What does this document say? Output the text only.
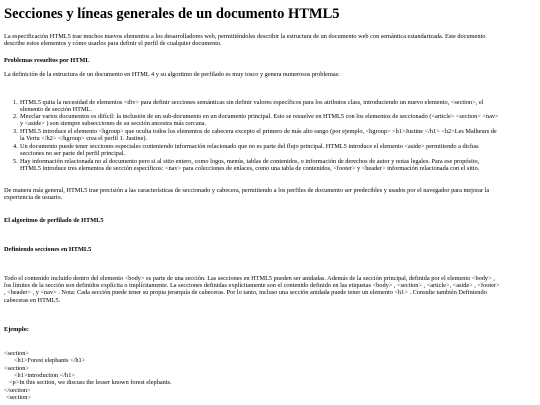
Secciones y líneas generales de un documento HTML5
La especificación HTML5 trae muchos nuevos elementos a los desarrolladores web, permitiéndoles describir la estructura de un documento web con semántica estandarizada. Este documento
describe estos elementos y cómo usarlos para definir el perfil de cualquier documento.
Problemas resueltos por HTML
La definición de la estructura de un documento en HTML 4 y su algoritmo de perfilado es muy tosco y genera numerosos problemas:
1. HTML5 quita la necesidad de elementos <div> para definir secciones semánticas sin definir valores específicos para los atributos class, introduciendo un nuevo elemento, <section>, el
elemento de sección HTML.
2. Mezclar varios documentos es difícil: la inclusión de un sub-documento en un documento principal. Esto se resuelve en HTML5 con los elementos de seccionado (<article> <section> <nav>
y <aside> ) son siempre subsecciones de su sección ancestra más cercana.
3. HTML5 introduce el elemento <hgroup> que oculta todos los elementos de cabecera excepto el primero de más alto rango (por ejemplo, <hgroup> <h1>Justine </h1> <h2>Les Malheurs de
la Vertu </h2> </hgroup> crea el perfil 1. Justine).
4. Un documento puede tener secciones especiales conteniendo información relacionado que no es parte del flujo principal. HTML5 introduce el elemento <aside> permitiendo a dichas
secciones no ser parte del perfil principal.
5. Hay información relacionada no al documento pero si al sitio entero, como logos, menús, tablas de contenidos, o información de derechos de autor y notas legales. Para ese propósito,
HTML5 introduce tres elementos de sección específicos: <nav> para colecciones de enlaces, como una tabla de contenidos, <footer> y <header> información relacionada con el sitio.
De manera más general, HTML5 trae precisión a las características de seccionado y cabecera, permitiendo a los perfiles de documento ser predecibles y usados por el navegador para mejorar la
experiencia de usuario.
El algoritmo de perfilado de HTML5
Definiendo secciones en HTML5
Todo el contenido incluido dentro del elemento <body> es parte de una sección. Las secciones en HTML5 pueden ser anidadas. Además de la sección principal, definida por el elemento <body> ,
los límites de la sección son definidos explícita o implícitamente. La secciones definidas explícitamente son el contenido definido en las etiquetas <body> , <section> , <article>, <aside> , <footer>
, <header> , y <nav> . Nota: Cada sección puede tener su propia jerarquía de cabeceras. Por lo tanto, incluso una sección anidada puede tener un elemento <h1> . Consulte también Definiendo
cabeceras en HTML5.
Ejemplo:
<section>
<h1>Forest elephants </h1>
<section>
<h1>introduction </h1>
<p>In this section, we discuss the lesser known forest elephants.
</section>
<section>
